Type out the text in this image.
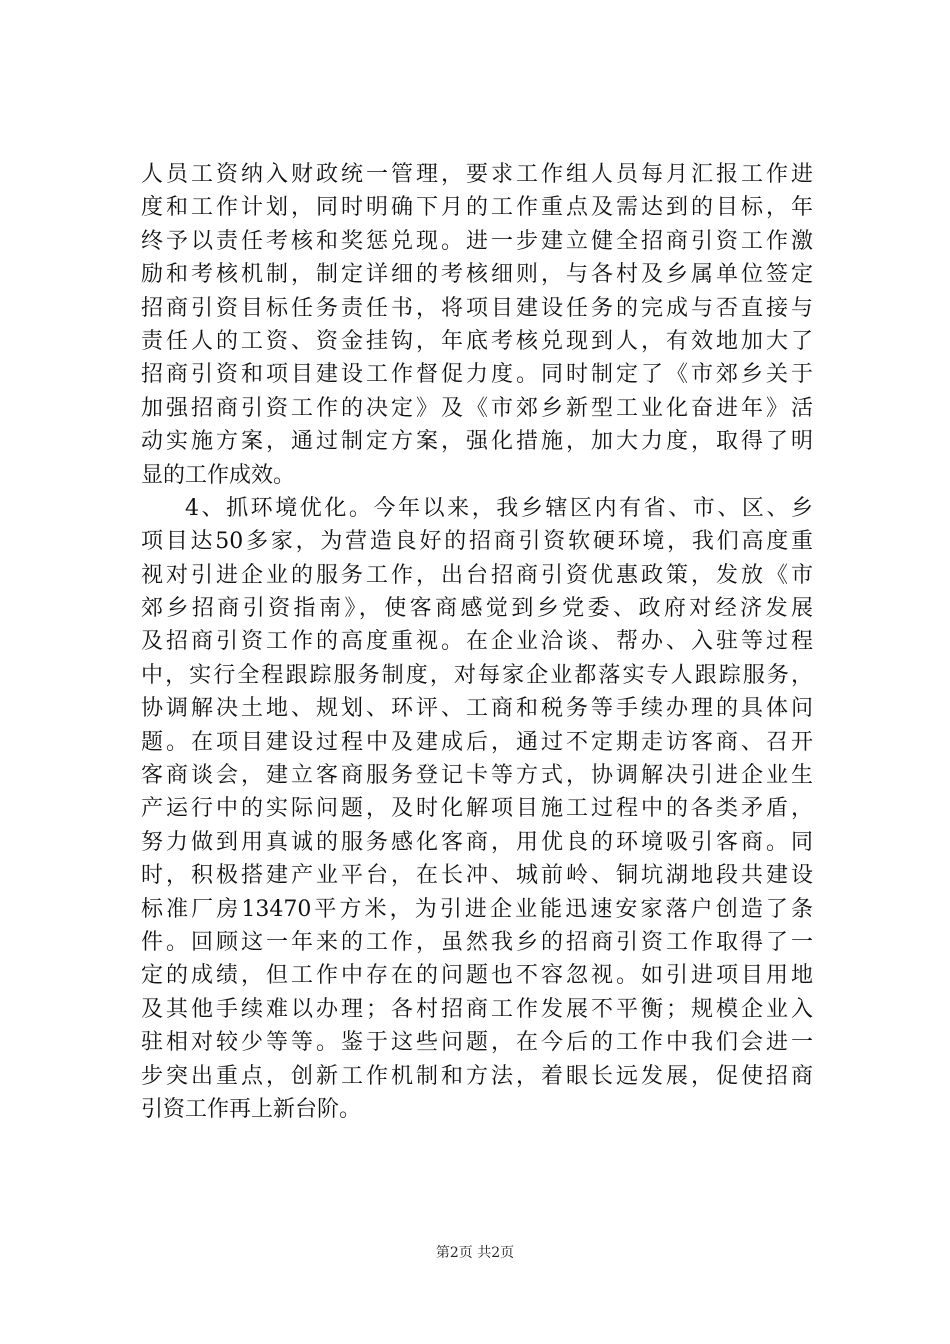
人员工资纳入财政统一管理，要求工作组人员每月汇报工作进
度和工作计划，同时明确下月的工作重点及需达到的目标，年
终予以责任考核和奖惩兑现。进一步建立健全招商引资工作激
励和考核机制，制定详细的考核细则，与各村及乡属单位签定
招商引资目标任务责任书，将项目建设任务的完成与否直接与
责任人的工资、资金挂钩，年底考核兑现到人，有效地加大了
招商引资和项目建设工作督促力度。同时制定了《市郊乡关于
加强招商引资工作的决定》及《市郊乡新型工业化奋进年》活
动实施方案，通过制定方案，强化措施，加大力度，取得了明
显的工作成效。
4、抓环境优化。今年以来，我乡辖区内有省、市、区、乡
项目达50多家，为营造良好的招商引资软硬环境，我们高度重
视对引进企业的服务工作，出台招商引资优惠政策，发放《市
郊乡招商引资指南》，使客商感觉到乡党委、政府对经济发展
及招商引资工作的高度重视。在企业洽谈、帮办、入驻等过程
中，实行全程跟踪服务制度，对每家企业都落实专人跟踪服务，
协调解决土地、规划、环评、工商和税务等手续办理的具体问
题。在项目建设过程中及建成后，通过不定期走访客商、召开
客商谈会，建立客商服务登记卡等方式，协调解决引进企业生
产运行中的实际问题，及时化解项目施工过程中的各类矛盾，
努力做到用真诚的服务感化客商，用优良的环境吸引客商。同
时，积极搭建产业平台，在长冲、城前岭、铜坑湖地段共建设
标准厂房13470平方米，为引进企业能迅速安家落户创造了条
件。回顾这一年来的工作，虽然我乡的招商引资工作取得了一
定的成绩，但工作中存在的问题也不容忽视。如引进项目用地
及其他手续难以办理；各村招商工作发展不平衡；规模企业入
驻相对较少等等。鉴于这些问题，在今后的工作中我们会进一
步突出重点，创新工作机制和方法，着眼长远发展，促使招商
引资工作再上新台阶。
第2页 共2页
